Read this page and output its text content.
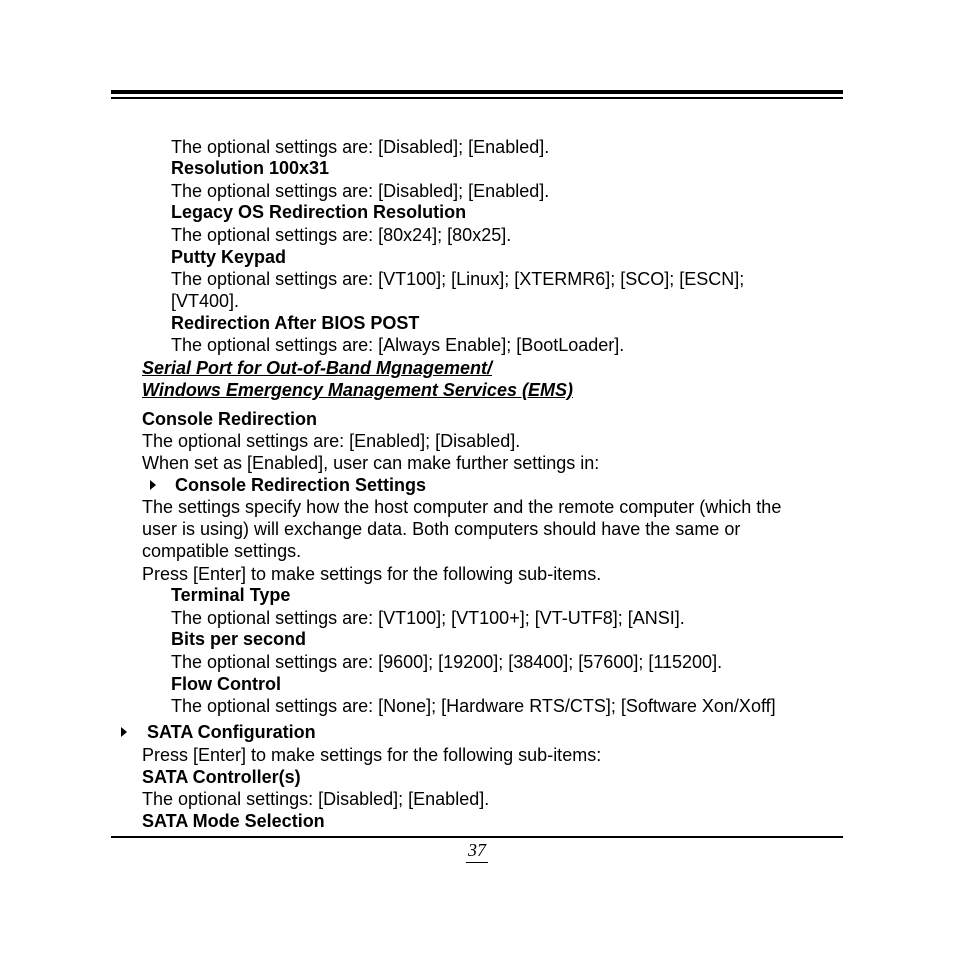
The optional settings are: [Disabled]; [Enabled].
Resolution 100x31
The optional settings are: [Disabled]; [Enabled].
Legacy OS Redirection Resolution
The optional settings are: [80x24]; [80x25].
Putty Keypad
The optional settings are: [VT100]; [Linux]; [XTERMR6]; [SCO]; [ESCN];
[VT400].
Redirection After BIOS POST
The optional settings are: [Always Enable]; [BootLoader].
Serial Port for Out-of-Band Mgnagement/
Windows Emergency Management Services (EMS)
Console Redirection
The optional settings are: [Enabled]; [Disabled].
When set as [Enabled], user can make further settings in:
Console Redirection Settings
The settings specify how the host computer and the remote computer (which the
user is using) will exchange data. Both computers should have the same or
compatible settings.
Press [Enter] to make settings for the following sub-items.
Terminal Type
The optional settings are: [VT100]; [VT100+]; [VT-UTF8]; [ANSI].
Bits per second
The optional settings are: [9600]; [19200]; [38400]; [57600]; [115200].
Flow Control
The optional settings are: [None]; [Hardware RTS/CTS]; [Software Xon/Xoff]
SATA Configuration
Press [Enter] to make settings for the following sub-items:
SATA Controller(s)
The optional settings: [Disabled]; [Enabled].
SATA Mode Selection
37
